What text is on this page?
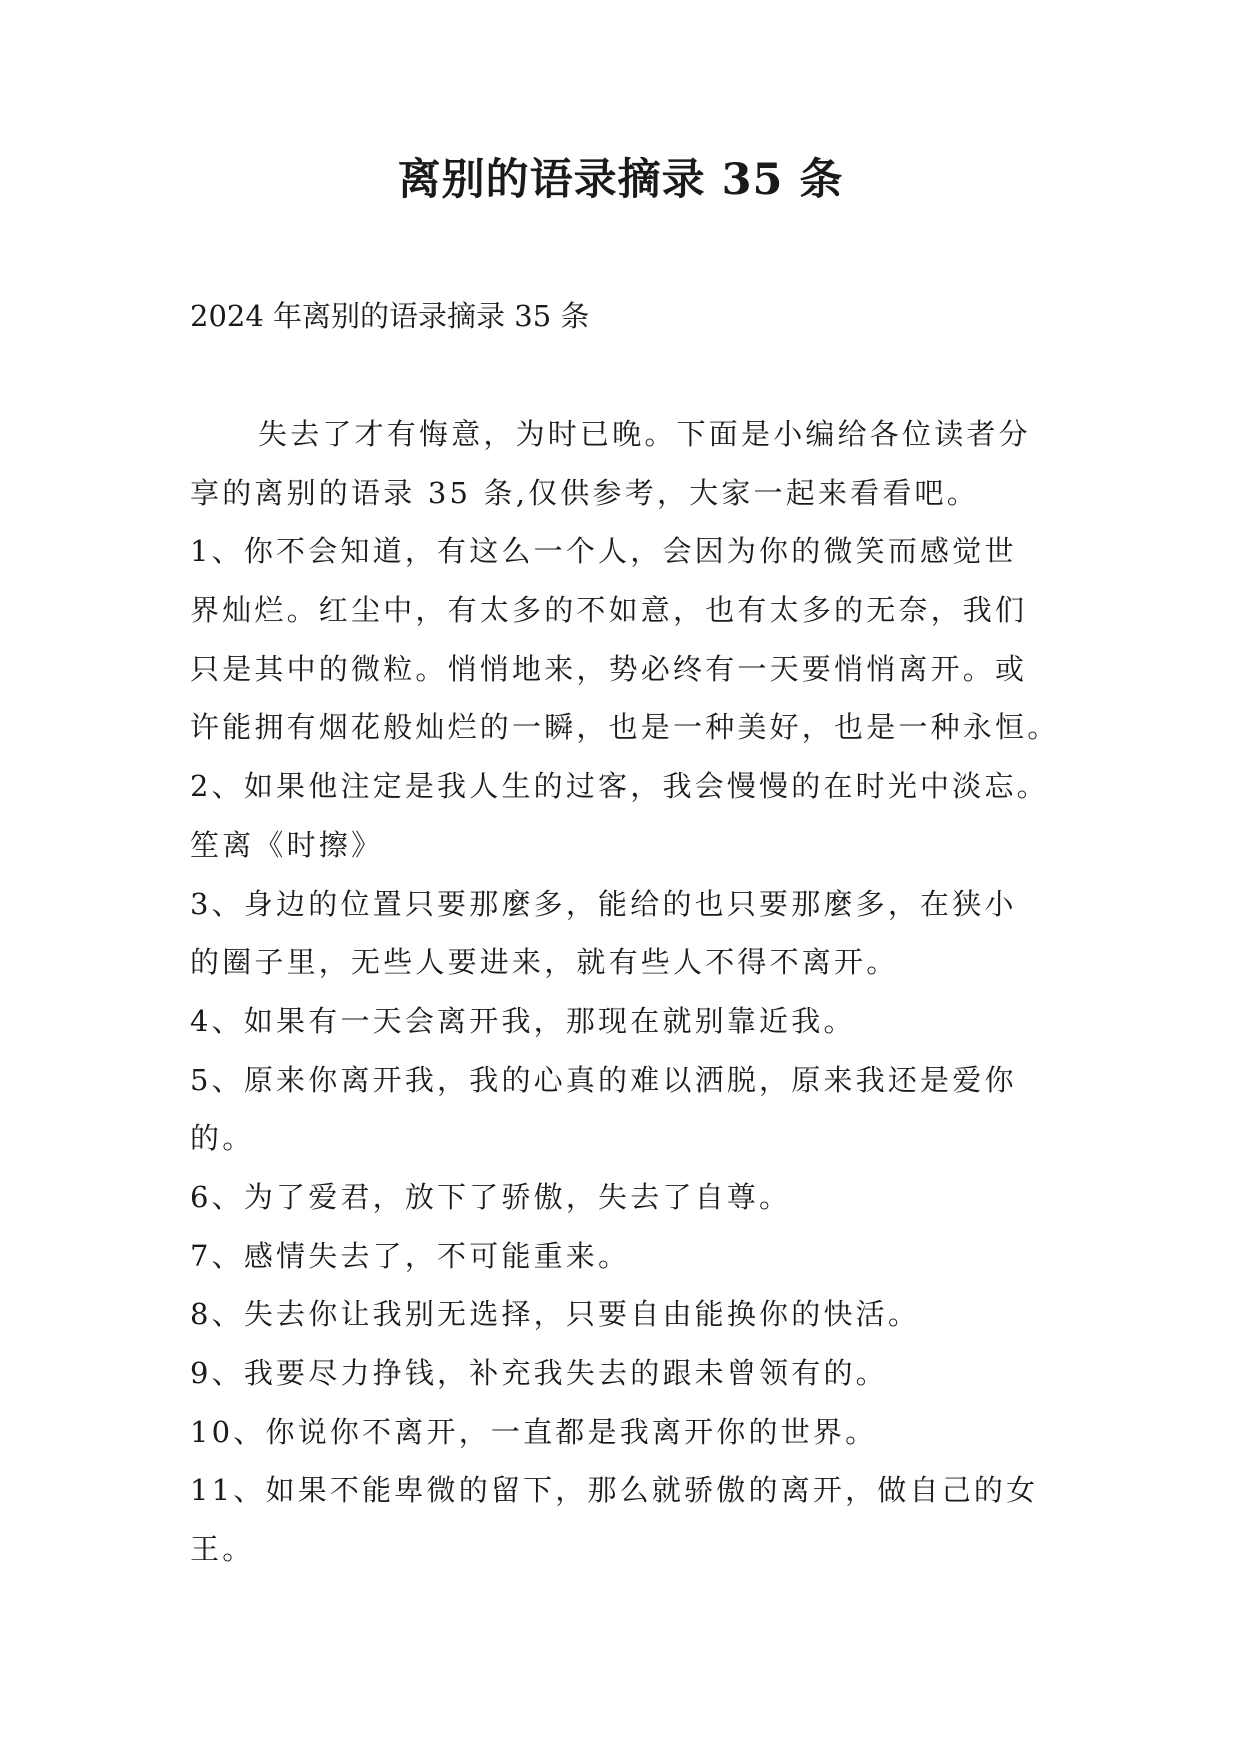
离别的语录摘录 35 条

2024 年离别的语录摘录 35 条

失去了才有悔意，为时已晚。下面是小编给各位读者分
享的离别的语录 35 条,仅供参考，大家一起来看看吧。
1、你不会知道，有这么一个人，会因为你的微笑而感觉世
界灿烂。红尘中，有太多的不如意，也有太多的无奈，我们
只是其中的微粒。悄悄地来，势必终有一天要悄悄离开。或
许能拥有烟花般灿烂的一瞬，也是一种美好，也是一种永恒。
2、如果他注定是我人生的过客，我会慢慢的在时光中淡忘。
笙离《时擦》
3、身边的位置只要那麼多，能给的也只要那麼多，在狭小
的圈子里，无些人要进来，就有些人不得不离开。
4、如果有一天会离开我，那现在就别靠近我。
5、原来你离开我，我的心真的难以洒脱，原来我还是爱你
的。
6、为了爱君，放下了骄傲，失去了自尊。
7、感情失去了，不可能重来。
8、失去你让我别无选择，只要自由能换你的快活。
9、我要尽力挣钱，补充我失去的跟未曾领有的。
10、你说你不离开，一直都是我离开你的世界。
11、如果不能卑微的留下，那么就骄傲的离开，做自己的女
王。
